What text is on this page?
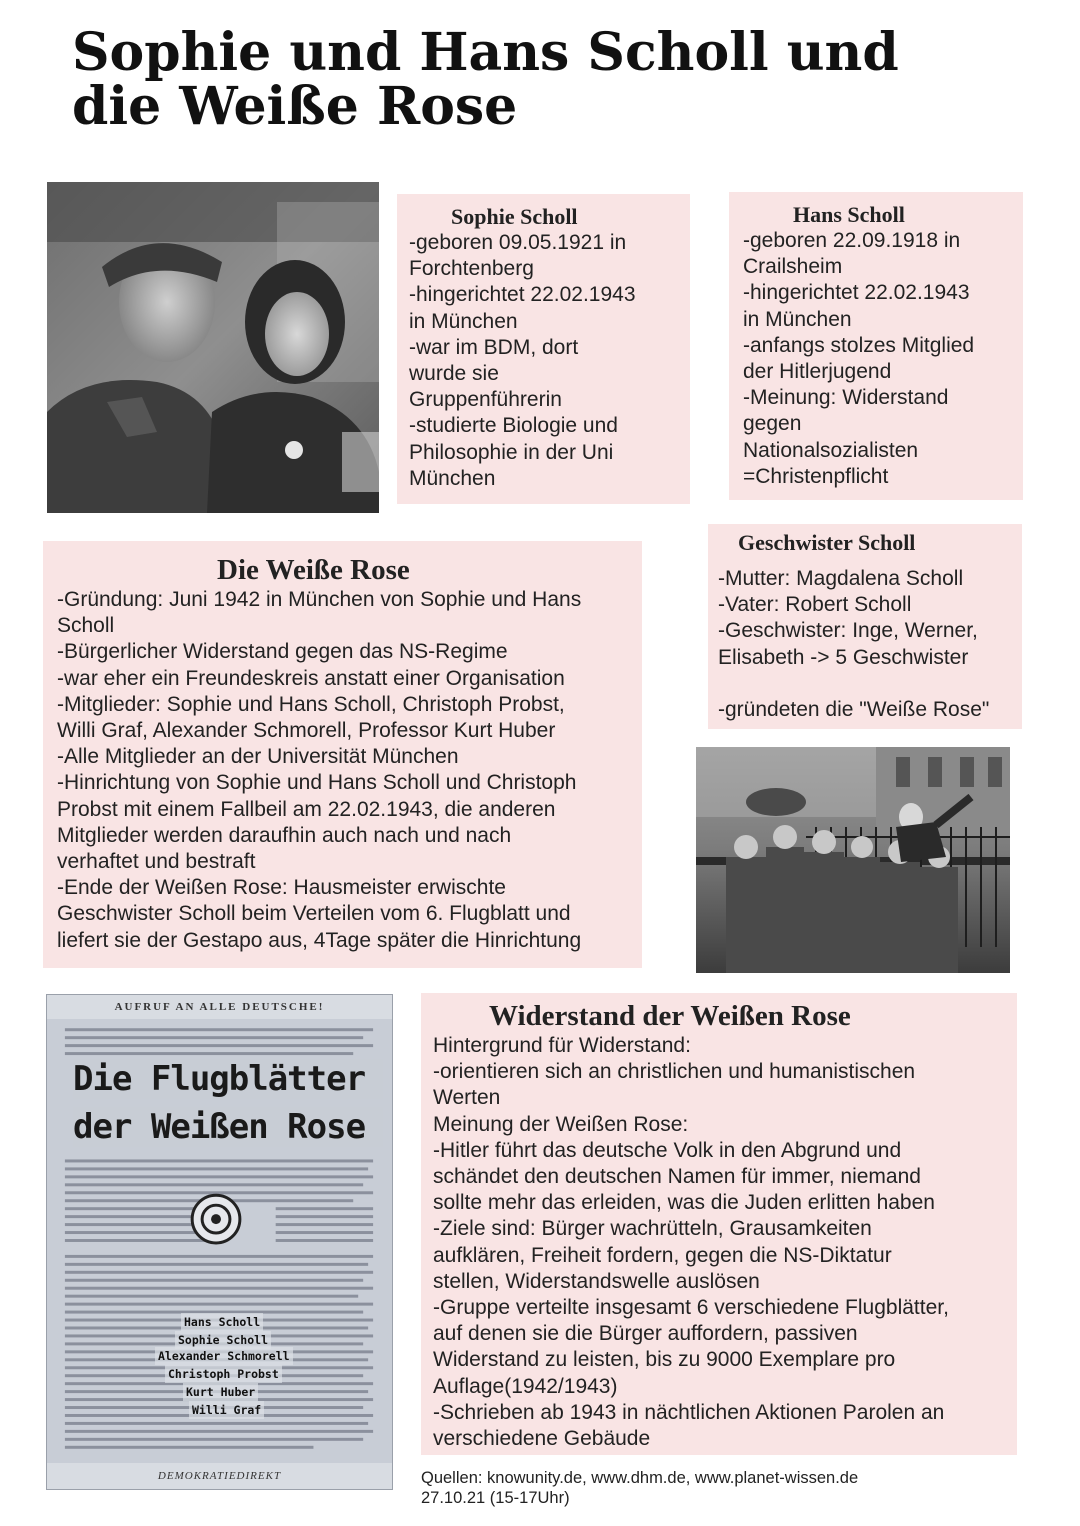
Sophie und Hans Scholl und
die Weiße Rose
Sophie Scholl
-geboren 09.05.1921 in
Forchtenberg
-hingerichtet 22.02.1943
in München
-war im BDM, dort
wurde sie
Gruppenführerin
-studierte Biologie und
Philosophie in der Uni
München
Hans Scholl
-geboren 22.09.1918 in
Crailsheim
-hingerichtet 22.02.1943
in München
-anfangs stolzes Mitglied
der Hitlerjugend
-Meinung: Widerstand
gegen
Nationalsozialisten
=Christenpflicht
Die Weiße Rose
-Gründung: Juni 1942 in München von Sophie und Hans
Scholl
-Bürgerlicher Widerstand gegen das NS-Regime
-war eher ein Freundeskreis anstatt einer Organisation
-Mitglieder: Sophie und Hans Scholl, Christoph Probst,
Willi Graf, Alexander Schmorell, Professor Kurt Huber
-Alle Mitglieder an der Universität München
-Hinrichtung von Sophie und Hans Scholl und Christoph
Probst mit einem Fallbeil am 22.02.1943, die anderen
Mitglieder werden daraufhin auch nach und nach
verhaftet und bestraft
-Ende der Weißen Rose: Hausmeister erwischte
Geschwister Scholl beim Verteilen vom 6. Flugblatt und
liefert sie der Gestapo aus, 4Tage später die Hinrichtung
Geschwister Scholl
-Mutter: Magdalena Scholl
-Vater: Robert Scholl
-Geschwister: Inge, Werner,
Elisabeth -> 5 Geschwister
-gründeten die "Weiße Rose"
AUFRUF AN ALLE DEUTSCHE!
Die Flugblätter
der Weißen Rose
Hans Scholl
Sophie Scholl
Alexander Schmorell
Christoph Probst
Kurt Huber
Willi Graf
DEMOKRATIEDIREKT
Widerstand der Weißen Rose
Hintergrund für Widerstand:
-orientieren sich an christlichen und humanistischen
Werten
Meinung der Weißen Rose:
-Hitler führt das deutsche Volk in den Abgrund und
schändet den deutschen Namen für immer, niemand
sollte mehr das erleiden, was die Juden erlitten haben
-Ziele sind: Bürger wachrütteln, Grausamkeiten
aufklären, Freiheit fordern, gegen die NS-Diktatur
stellen, Widerstandswelle auslösen
-Gruppe verteilte insgesamt 6 verschiedene Flugblätter,
auf denen sie die Bürger auffordern, passiven
Widerstand zu leisten, bis zu 9000 Exemplare pro
Auflage(1942/1943)
-Schrieben ab 1943 in nächtlichen Aktionen Parolen an
verschiedene Gebäude
Quellen: knowunity.de, www.dhm.de, www.planet-wissen.de
27.10.21 (15-17Uhr)
